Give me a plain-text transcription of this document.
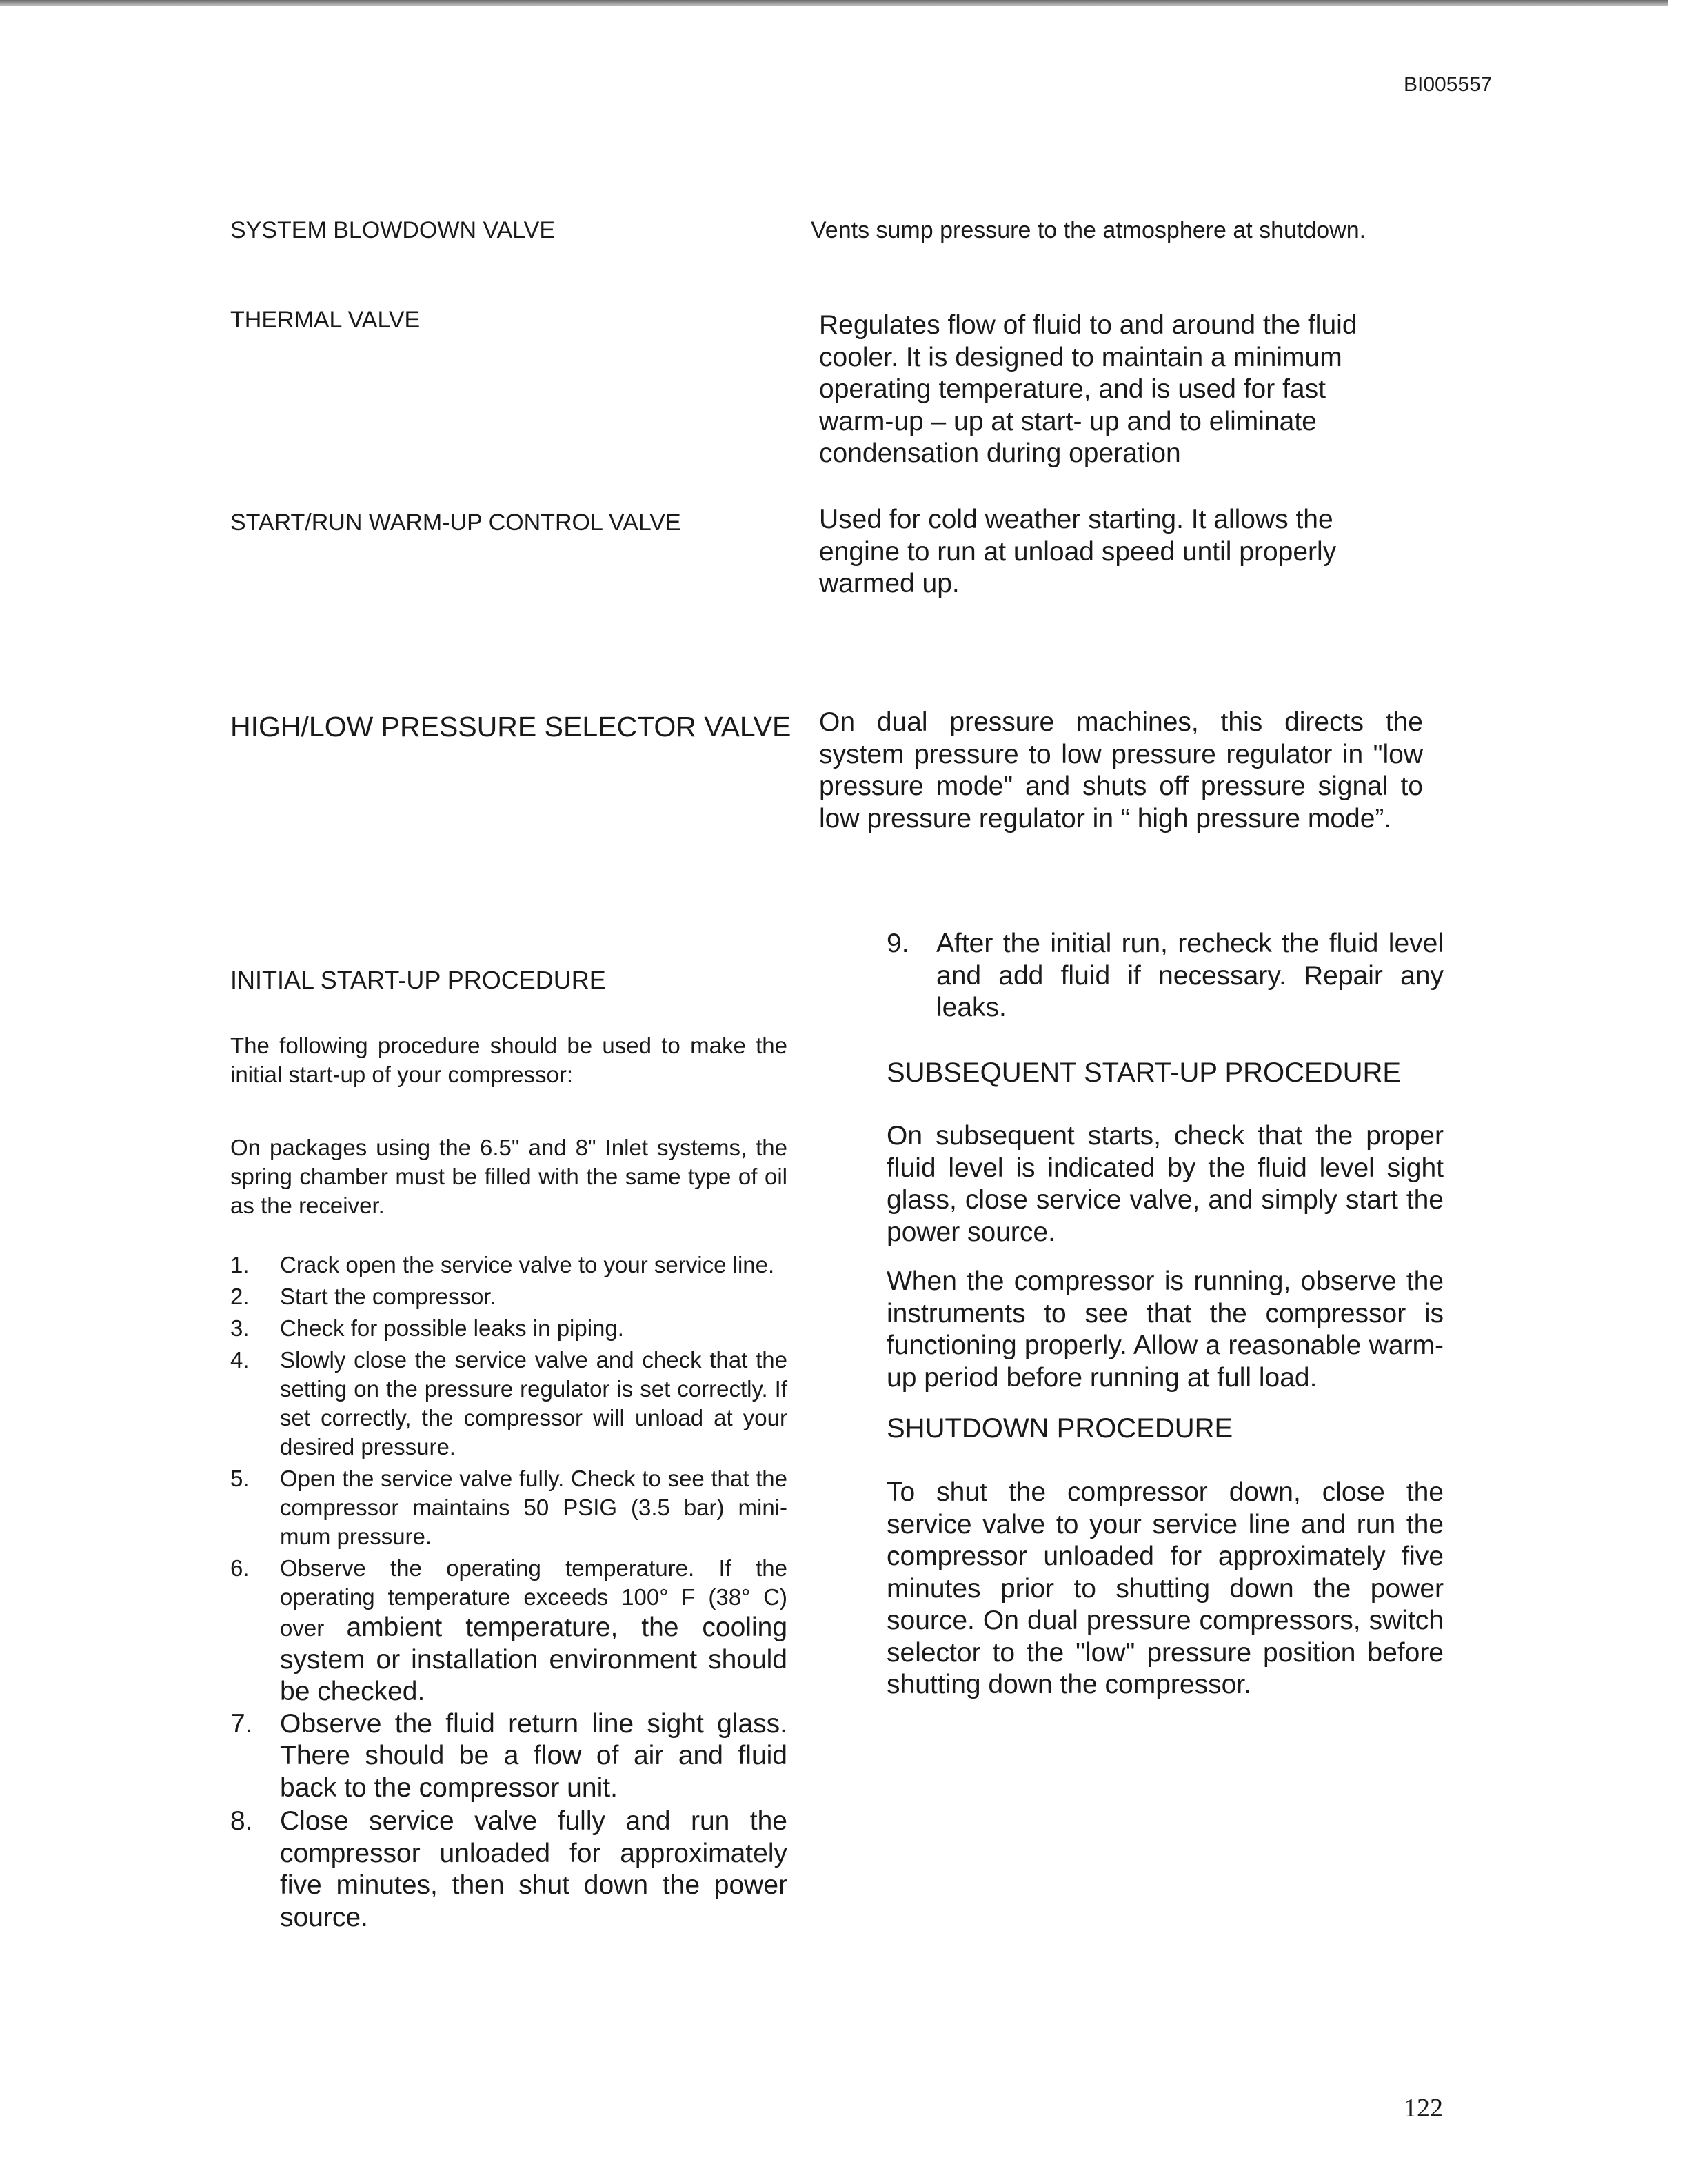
BI005557
SYSTEM BLOWDOWN VALVE	Vents sump pressure to the atmosphere at shutdown.
THERMAL VALVE	Regulates flow of fluid to and around the fluid cooler. It is designed to maintain a minimum operating temperature, and is used for fast warm-up – up at start- up and to eliminate condensation during operation
START/RUN WARM-UP CONTROL VALVE	Used for cold weather starting. It allows the engine to run at unload speed until properly warmed up.
HIGH/LOW PRESSURE SELECTOR VALVE On dual pressure machines, this directs the system pressure to low pressure regulator in "low pressure mode" and shuts off pressure signal to low pressure regulator in “ high pressure mode”.
INITIAL START-UP PROCEDURE
The following procedure should be used to make the initial start-up of your compressor:
On packages using the 6.5" and 8" Inlet systems, the spring chamber must be filled with the same type of oil as the receiver.
1. Crack open the service valve to your service line.
2. Start the compressor.
3. Check for possible leaks in piping.
4. Slowly close the service valve and check that the setting on the pressure regulator is set correctly. If set correctly, the compressor will unload at your desired pressure.
5. Open the service valve fully. Check to see that the compressor maintains 50 PSIG (3.5 bar) mini-mum pressure.
6. Observe the operating temperature. If the operating temperature exceeds 100° F (38° C) over ambient temperature, the cooling system or installation environment should be checked.
7. Observe the fluid return line sight glass. There should be a flow of air and fluid back to the compressor unit.
8. Close service valve fully and run the compressor unloaded for approximately five minutes, then shut down the power source.
9. After the initial run, recheck the fluid level and add fluid if necessary. Repair any leaks.
SUBSEQUENT START-UP PROCEDURE
On subsequent starts, check that the proper fluid level is indicated by the fluid level sight glass, close service valve, and simply start the power source.
When the compressor is running, observe the instruments to see that the compressor is functioning properly. Allow a reasonable warm-up period before running at full load.
SHUTDOWN PROCEDURE
To shut the compressor down, close the service valve to your service line and run the compressor unloaded for approximately five minutes prior to shutting down the power source. On dual pressure compressors, switch selector to the "low" pressure position before shutting down the compressor.
122
